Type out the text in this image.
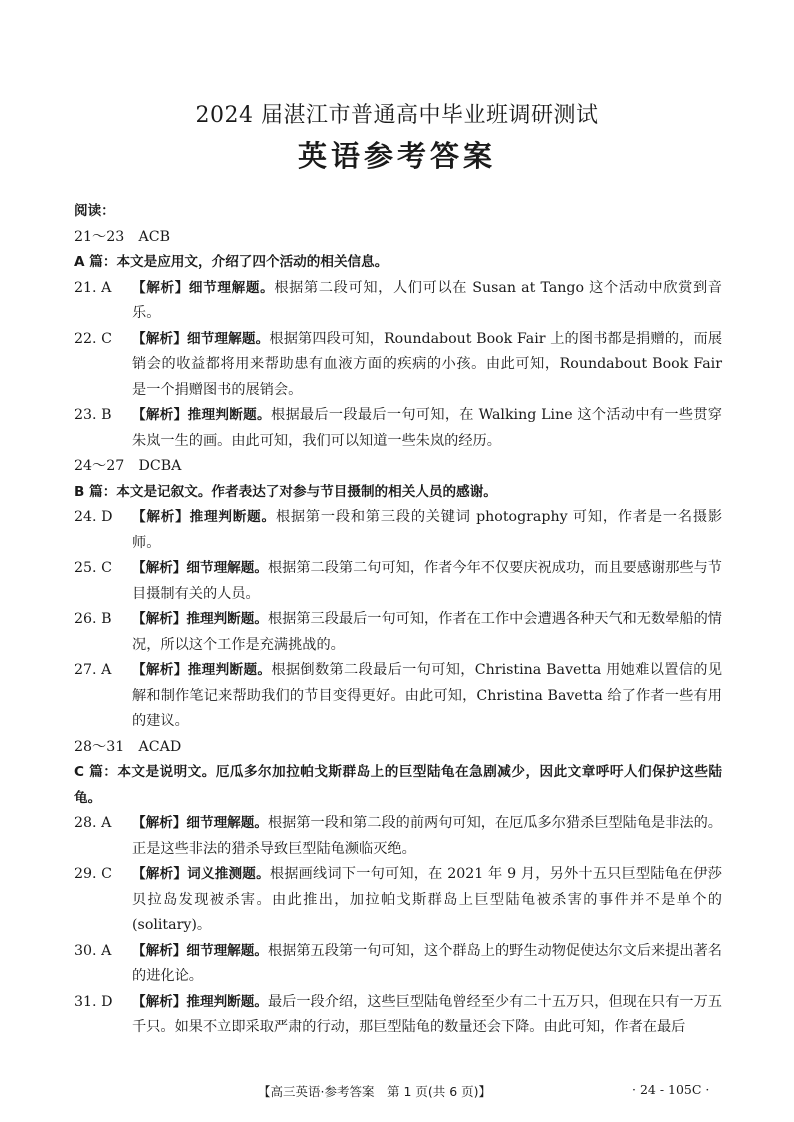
2024 届湛江市普通高中毕业班调研测试
英语参考答案
阅读：
21～23　ACB
A 篇：本文是应用文，介绍了四个活动的相关信息。
21. A	【解析】细节理解题。根据第二段可知，人们可以在 Susan at Tango 这个活动中欣赏到音乐。
22. C	【解析】细节理解题。根据第四段可知，Roundabout Book Fair 上的图书都是捐赠的，而展销会的收益都将用来帮助患有血液方面的疾病的小孩。由此可知，Roundabout Book Fair 是一个捐赠图书的展销会。
23. B	【解析】推理判断题。根据最后一段最后一句可知，在 Walking Line 这个活动中有一些贯穿朱岚一生的画。由此可知，我们可以知道一些朱岚的经历。
24～27　DCBA
B 篇：本文是记叙文。作者表达了对参与节目摄制的相关人员的感谢。
24. D	【解析】推理判断题。根据第一段和第三段的关键词 photography 可知，作者是一名摄影师。
25. C	【解析】细节理解题。根据第二段第二句可知，作者今年不仅要庆祝成功，而且要感谢那些与节目摄制有关的人员。
26. B	【解析】推理判断题。根据第三段最后一句可知，作者在工作中会遭遇各种天气和无数晕船的情况，所以这个工作是充满挑战的。
27. A	【解析】推理判断题。根据倒数第二段最后一句可知，Christina Bavetta 用她难以置信的见解和制作笔记来帮助我们的节目变得更好。由此可知，Christina Bavetta 给了作者一些有用的建议。
28～31　ACAD
C 篇：本文是说明文。厄瓜多尔加拉帕戈斯群岛上的巨型陆龟在急剧减少，因此文章呼吁人们保护这些陆龟。
28. A	【解析】细节理解题。根据第一段和第二段的前两句可知，在厄瓜多尔猎杀巨型陆龟是非法的。正是这些非法的猎杀导致巨型陆龟濒临灭绝。
29. C	【解析】词义推测题。根据画线词下一句可知，在 2021 年 9 月，另外十五只巨型陆龟在伊莎贝拉岛发现被杀害。由此推出，加拉帕戈斯群岛上巨型陆龟被杀害的事件并不是单个的(solitary)。
30. A	【解析】细节理解题。根据第五段第一句可知，这个群岛上的野生动物促使达尔文后来提出著名的进化论。
31. D	【解析】推理判断题。最后一段介绍，这些巨型陆龟曾经至少有二十五万只，但现在只有一万五千只。如果不立即采取严肃的行动，那巨型陆龟的数量还会下降。由此可知，作者在最后
【高三英语·参考答案　第 1 页(共 6 页)】	· 24 - 105C ·
